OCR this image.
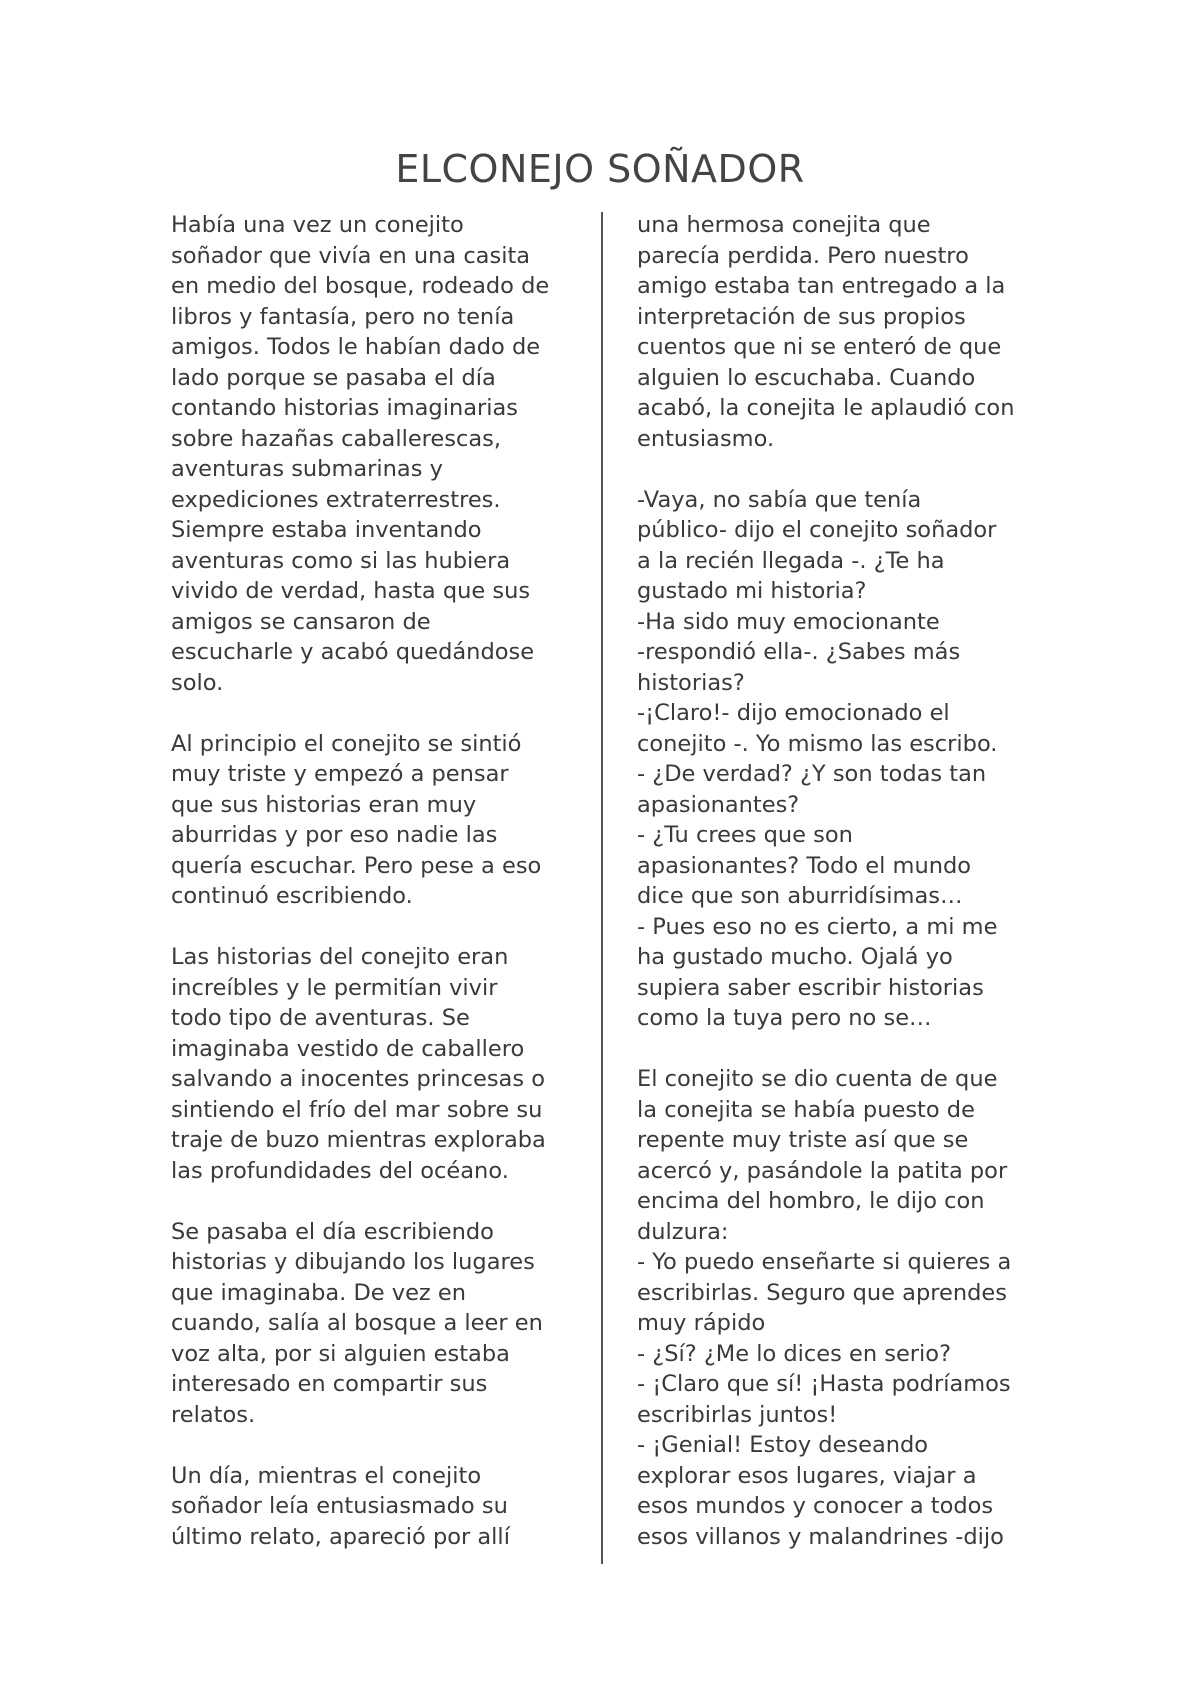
ELCONEJO SOÑADOR
Había una vez un conejito
soñador que vivía en una casita
en medio del bosque, rodeado de
libros y fantasía, pero no tenía
amigos. Todos le habían dado de
lado porque se pasaba el día
contando historias imaginarias
sobre hazañas caballerescas,
aventuras submarinas y
expediciones extraterrestres.
Siempre estaba inventando
aventuras como si las hubiera
vivido de verdad, hasta que sus
amigos se cansaron de
escucharle y acabó quedándose
solo.
Al principio el conejito se sintió
muy triste y empezó a pensar
que sus historias eran muy
aburridas y por eso nadie las
quería escuchar. Pero pese a eso
continuó escribiendo.
Las historias del conejito eran
increíbles y le permitían vivir
todo tipo de aventuras. Se
imaginaba vestido de caballero
salvando a inocentes princesas o
sintiendo el frío del mar sobre su
traje de buzo mientras exploraba
las profundidades del océano.
Se pasaba el día escribiendo
historias y dibujando los lugares
que imaginaba. De vez en
cuando, salía al bosque a leer en
voz alta, por si alguien estaba
interesado en compartir sus
relatos.
Un día, mientras el conejito
soñador leía entusiasmado su
último relato, apareció por allí
una hermosa conejita que
parecía perdida. Pero nuestro
amigo estaba tan entregado a la
interpretación de sus propios
cuentos que ni se enteró de que
alguien lo escuchaba. Cuando
acabó, la conejita le aplaudió con
entusiasmo.
-Vaya, no sabía que tenía
público- dijo el conejito soñador
a la recién llegada -. ¿Te ha
gustado mi historia?
-Ha sido muy emocionante
-respondió ella-. ¿Sabes más
historias?
-¡Claro!- dijo emocionado el
conejito -. Yo mismo las escribo.
- ¿De verdad? ¿Y son todas tan
apasionantes?
- ¿Tu crees que son
apasionantes? Todo el mundo
dice que son aburridísimas…
- Pues eso no es cierto, a mi me
ha gustado mucho. Ojalá yo
supiera saber escribir historias
como la tuya pero no se…
El conejito se dio cuenta de que
la conejita se había puesto de
repente muy triste así que se
acercó y, pasándole la patita por
encima del hombro, le dijo con
dulzura:
- Yo puedo enseñarte si quieres a
escribirlas. Seguro que aprendes
muy rápido
- ¿Sí? ¿Me lo dices en serio?
- ¡Claro que sí! ¡Hasta podríamos
escribirlas juntos!
- ¡Genial! Estoy deseando
explorar esos lugares, viajar a
esos mundos y conocer a todos
esos villanos y malandrines -dijo
